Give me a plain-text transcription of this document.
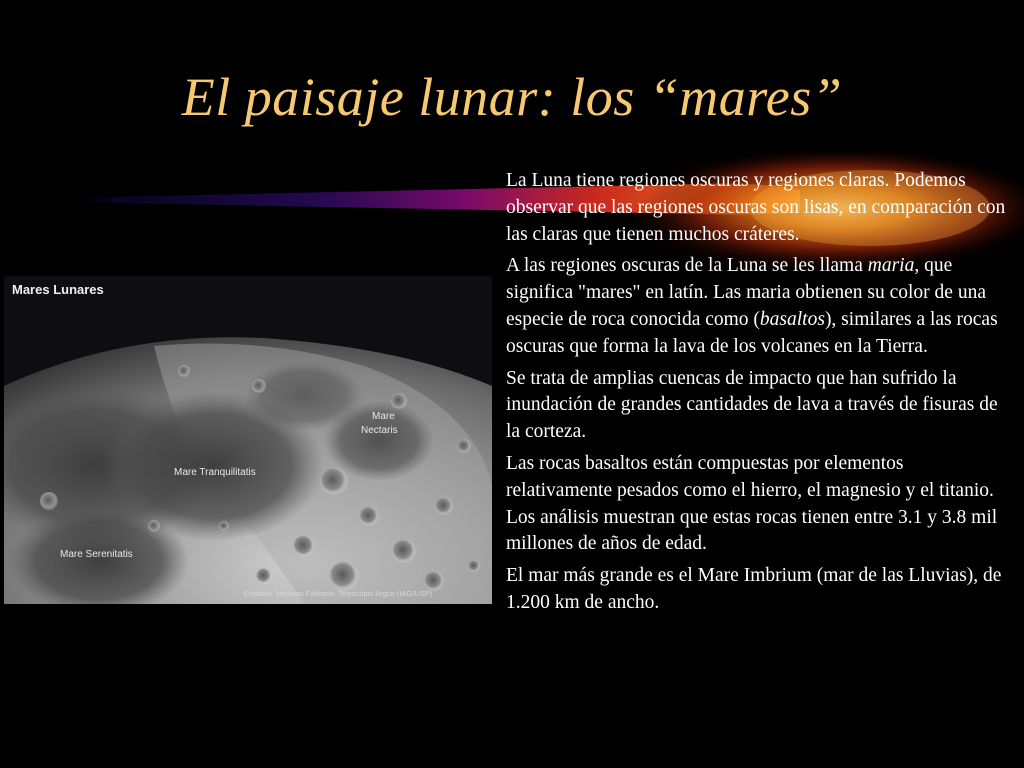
El paisaje lunar: los “mares”
Mares Lunares
Mare
Nectaris
Mare Tranquilitatis
Mare Serenitatis
Créditos: Messias Fidêncio, Telescópio Argus (IAG/USP)

La Luna tiene regiones oscuras y regiones claras. Podemos observar que las regiones oscuras son lisas, en comparación con las claras que tienen muchos cráteres.

A las regiones oscuras de la Luna se les llama maria, que significa "mares" en latín. Las maria obtienen su color de una especie de roca conocida como (basaltos), similares a las rocas oscuras que forma la lava de los volcanes en la Tierra.

Se trata de amplias cuencas de impacto que han sufrido la inundación de grandes cantidades de lava a través de fisuras de la corteza.

Las rocas basaltos están compuestas por elementos relativamente pesados como el hierro, el magnesio y el titanio. Los análisis muestran que estas rocas tienen entre 3.1 y 3.8 mil millones de años de edad.

El mar más grande es el Mare Imbrium (mar de las Lluvias), de 1.200 km de ancho.
